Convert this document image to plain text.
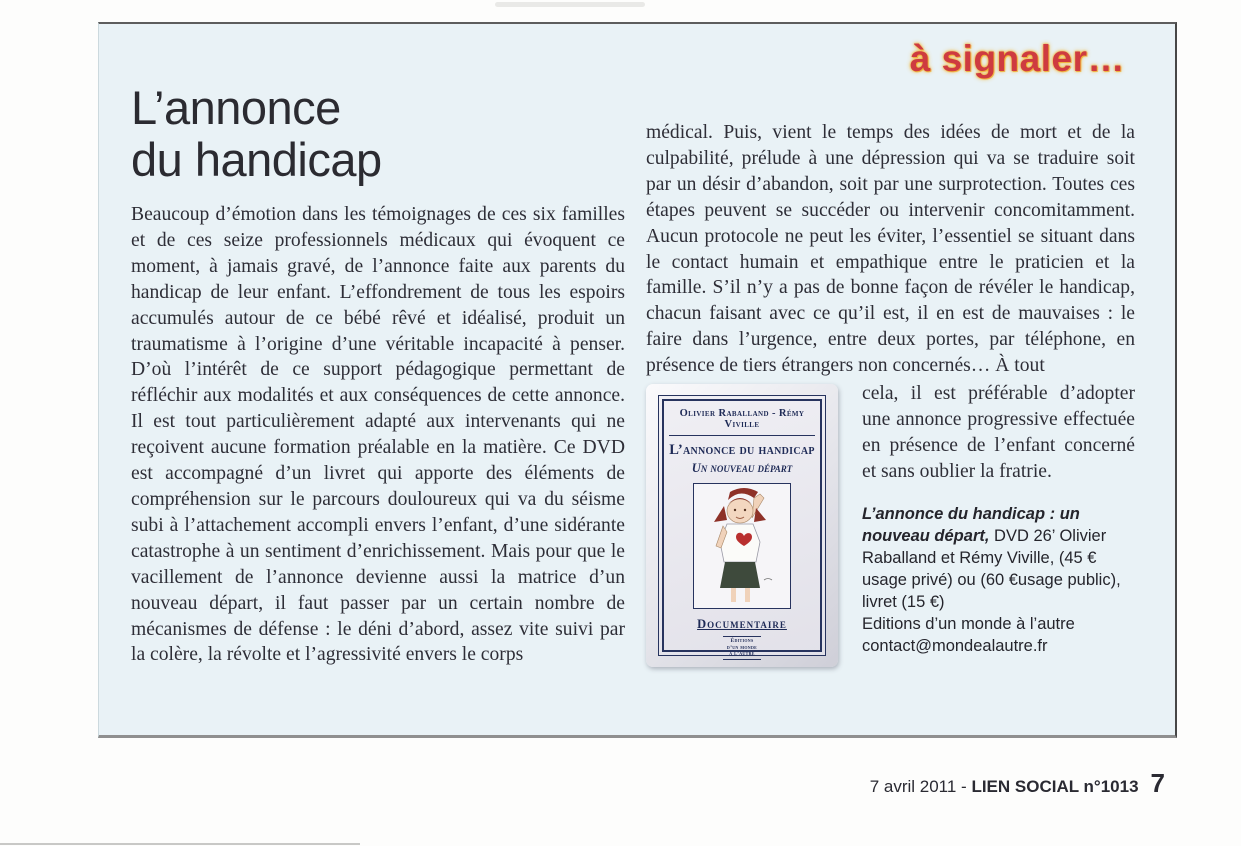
à signaler…
L’annonce
du handicap
Beaucoup d’émotion dans les témoignages de ces six familles et de ces seize professionnels médicaux qui évoquent ce moment, à jamais gravé, de l’annonce faite aux parents du handicap de leur enfant. L’effondrement de tous les espoirs accumulés autour de ce bébé rêvé et idéalisé, produit un traumatisme à l’origine d’une véritable incapacité à penser. D’où l’intérêt de ce support pédagogique permettant de réfléchir aux modalités et aux conséquences de cette annonce. Il est tout particulièrement adapté aux intervenants qui ne reçoivent aucune formation préalable en la matière. Ce DVD est accompagné d’un livret qui apporte des éléments de compréhension sur le parcours douloureux qui va du séisme subi à l’attachement accompli envers l’enfant, d’une sidérante catastrophe à un sentiment d’enrichissement. Mais pour que le vacillement de l’annonce devienne aussi la matrice d’un nouveau départ, il faut passer par un certain nombre de mécanismes de défense : le déni d’abord, assez vite suivi par la colère, la révolte et l’agressivité envers le corps

médical. Puis, vient le temps des idées de mort et de la culpabilité, prélude à une dépression qui va se traduire soit par un désir d’abandon, soit par une surprotection. Toutes ces étapes peuvent se succéder ou intervenir concomitamment. Aucun protocole ne peut les éviter, l’essentiel se situant dans le contact humain et empathique entre le praticien et la famille. S’il n’y a pas de bonne façon de révéler le handicap, chacun faisant avec ce qu’il est, il en est de mauvaises : le faire dans l’urgence, entre deux portes, par téléphone, en présence de tiers étrangers non concernés… À tout

Olivier Raballand - Rémy Viville
L’annonce du handicap
Un nouveau départ
Documentaire
Éditions
d’un monde
à l’autre

cela, il est préférable d’adopter une annonce progressive effectuée en présence de l’enfant concerné et sans oublier la fratrie.

L’annonce du handicap : un nouveau départ, DVD 26’ Olivier Raballand et Rémy Viville, (45 € usage privé) ou (60 €usage public), livret (15 €)
Editions d’un monde à l’autre
contact@mondealautre.fr
7 avril 2011 - LIEN SOCIAL n°1013 7
